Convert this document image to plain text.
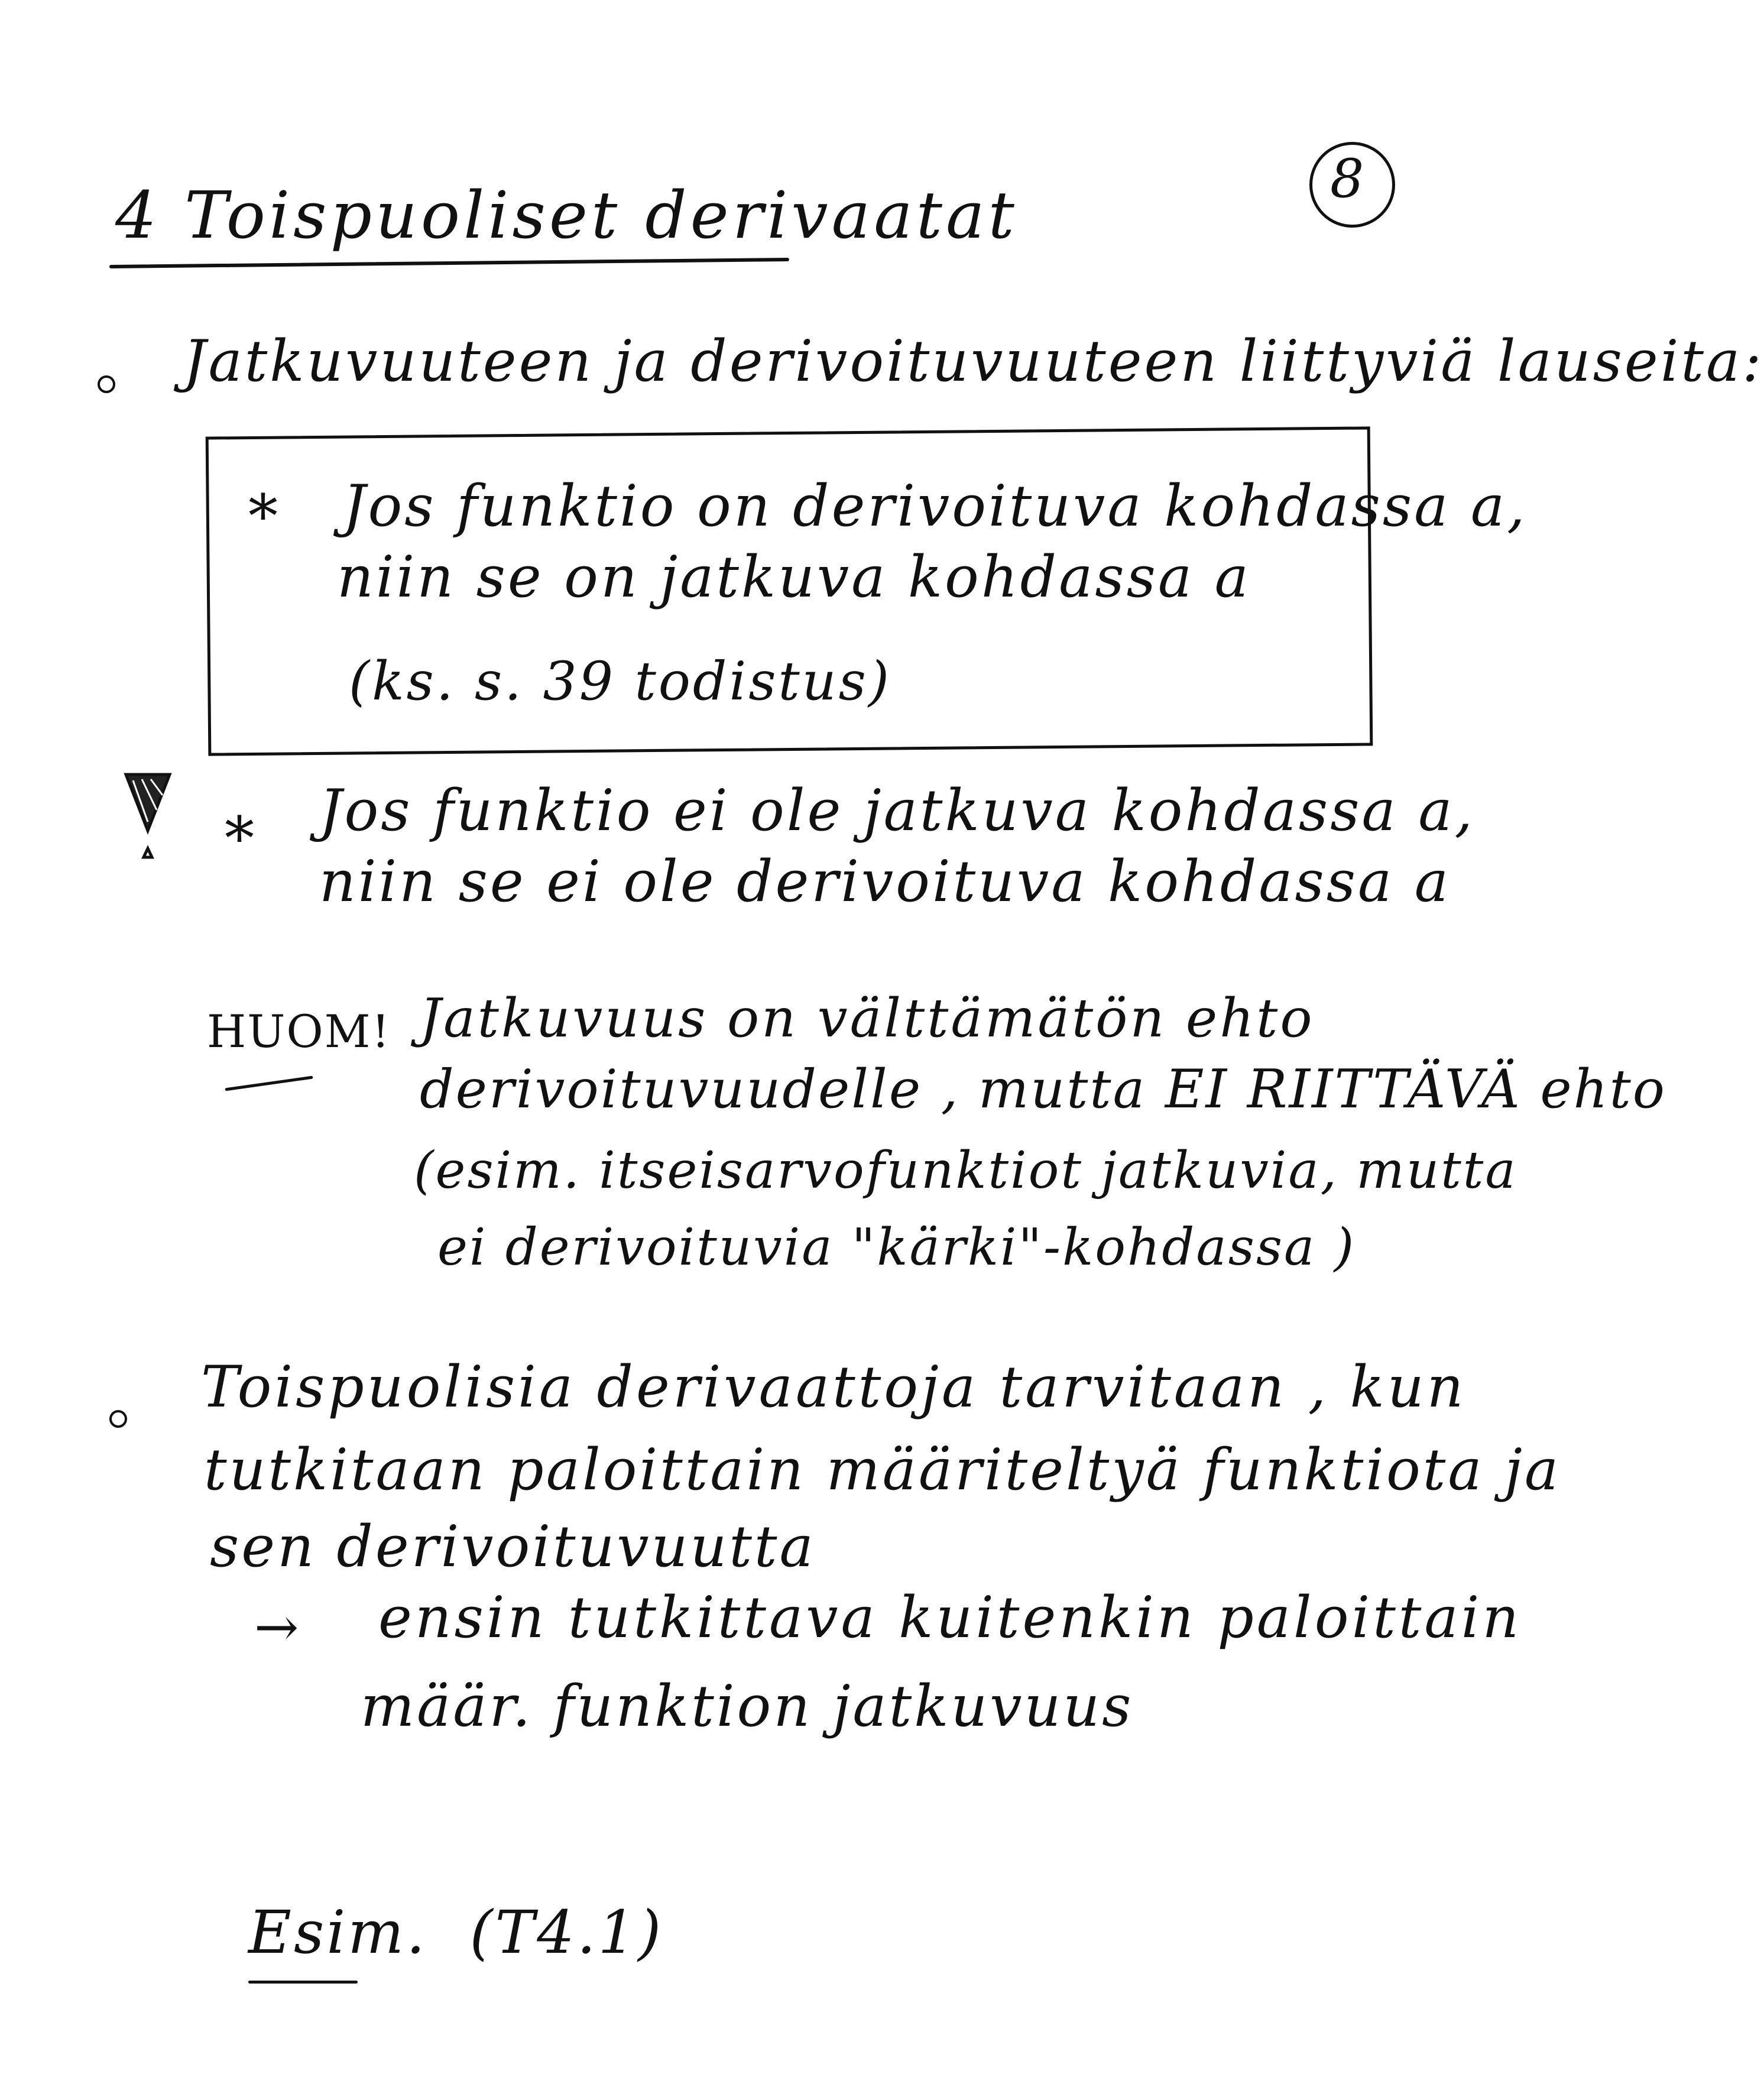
4 Toispuoliset derivaatat	8
Jatkuvuuteen ja derivoituvuuteen liittyviä lauseita:
* Jos funktio on derivoituva kohdassa a,
niin se on jatkuva kohdassa a
(ks. s. 39 todistus)
* Jos funktio ei ole jatkuva kohdassa a,
niin se ei ole derivoituva kohdassa a
HUOM! Jatkuvuus on välttämätön ehto
derivoituvuudelle , mutta EI RIITTÄVÄ ehto
(esim. itseisarvofunktiot jatkuvia, mutta
ei derivoituvia "kärki"-kohdassa )
Toispuolisia derivaattoja tarvitaan , kun
tutkitaan paloittain määriteltyä funktiota ja
sen derivoituvuutta
→ ensin tutkittava kuitenkin paloittain
määr. funktion jatkuvuus
Esim. (T4.1)
